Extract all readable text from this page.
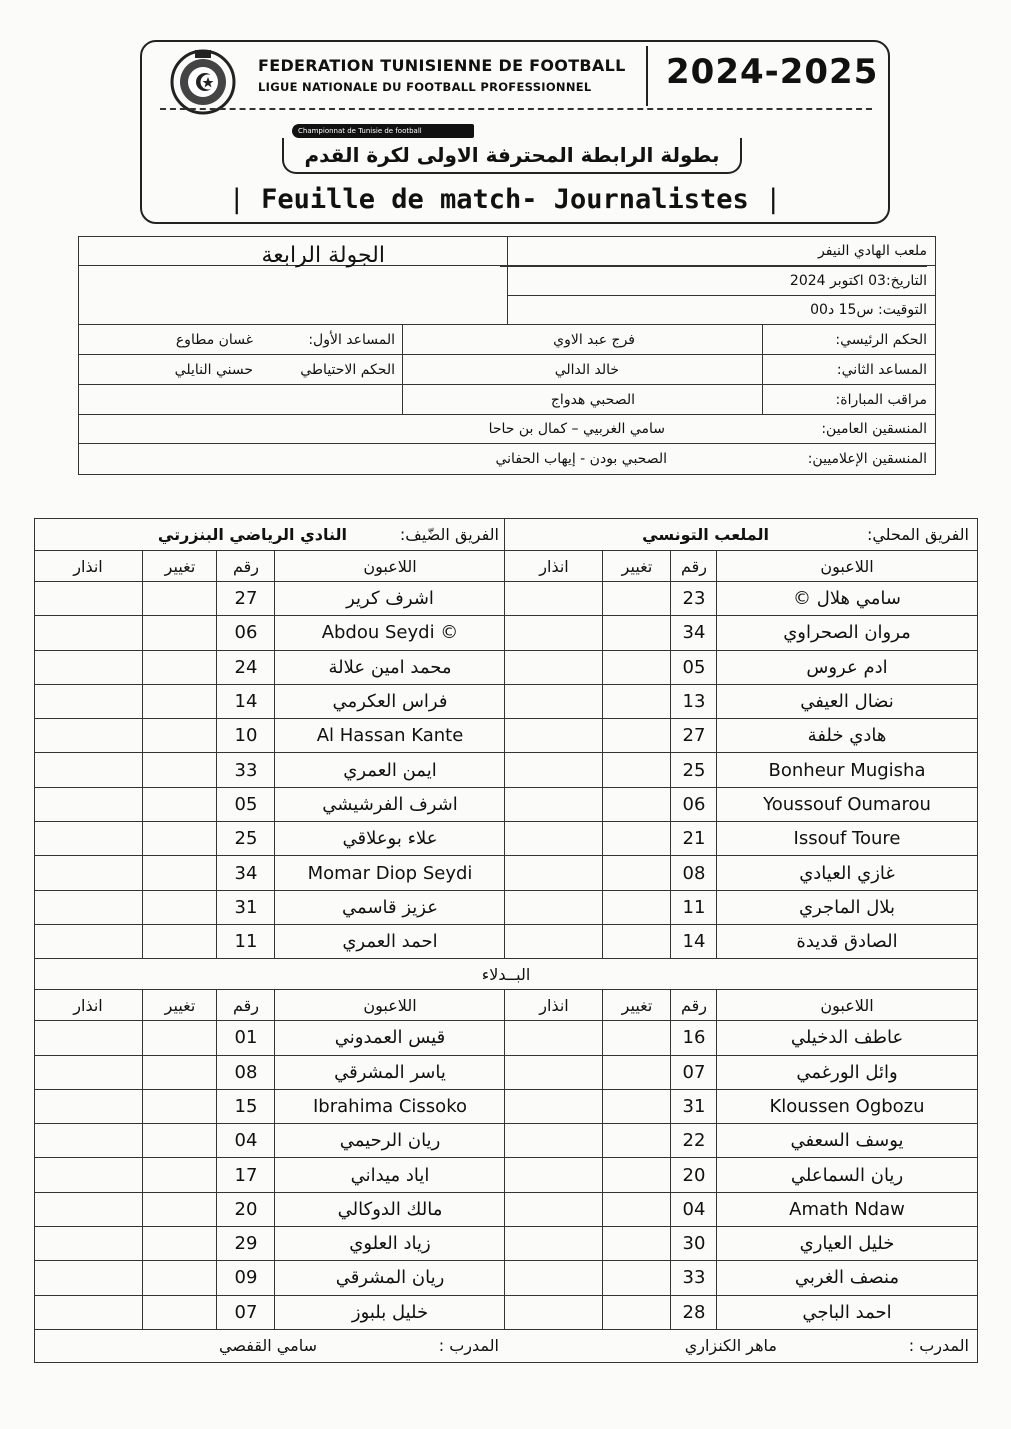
FEDERATION TUNISIENNE DE FOOTBALL
LIGUE NATIONALE DU FOOTBALL PROFESSIONNEL 2024-2025
Championnat de Tunisie de football
بطولة الرابطة المحترفة الاولى لكرة القدم
| Feuille de match- Journalistes |
ملعب الهادي النيفر
الجولة الرابعة
التاريخ:03 اكتوبر 2024
التوقيت: س15 د00
الحكم الرئيسي:
فرج عبد الاوي
المساعد الأول:
غسان مطاوع
المساعد الثاني:
خالد الدالي
الحكم الاحتياطي
حسني النايلي
مراقب المباراة:
الصحبي هدواج
المنسقين العامين:
سامي الغربيي – كمال بن حاحا
المنسقين الإعلاميين:
الصحبي بودن - إيهاب الحفاني
الفريق المحلي:
الملعب التونسي
الفريق الضّيف:
النادي الرياضي البنزرتي
اللاعبون
رقم
تغيير
انذار
اللاعبون
رقم
تغيير
انذار
سامي هلال ©
23
اشرف كرير
27
مروان الصحراوي
34
© Abdou Seydi
06
ادم عروس
05
محمد امين علالة
24
نضال العيفي
13
فراس العكرمي
14
هادي خلفة
27
Al Hassan Kante
10
Bonheur Mugisha
25
ايمن العمري
33
Youssouf Oumarou
06
اشرف الفرشيشي
05
Issouf Toure
21
علاء بوعلاقي
25
غازي العيادي
08
Momar Diop Seydi
34
بلال الماجري
11
عزيز قاسمي
31
الصادق قديدة
14
احمد العمري
11
البــدلاء
اللاعبون
رقم
تغيير
انذار
اللاعبون
رقم
تغيير
انذار
عاطف الدخيلي
16
قيس العمدوني
01
وائل الورغمي
07
ياسر المشرقي
08
Kloussen Ogbozu
31
Ibrahima Cissoko
15
يوسف السعفي
22
ريان الرحيمي
04
ريان السماعلي
20
اياد ميداني
17
Amath Ndaw
04
مالك الدوكالي
20
خليل العياري
30
زياد العلوي
29
منصف الغربي
33
ريان المشرقي
09
احمد الباجي
28
خليل بلبوز
07
المدرب :
ماهر الكنزاري
المدرب :
سامي القفصي
